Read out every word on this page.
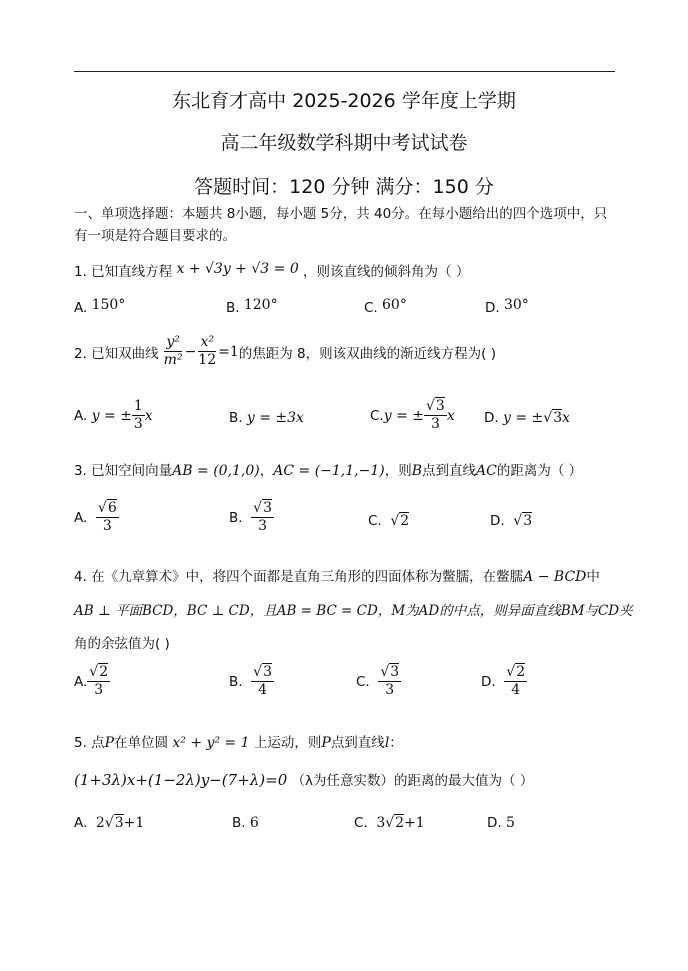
东北育才高中 2025-2026 学年度上学期
高二年级数学科期中考试试卷
答题时间：120 分钟 满分：150 分
一、单项选择题：本题共 8小题，每小题 5分，共 40分。在每小题给出的四个选项中，只有一项是符合题目要求的。
1. 已知直线方程 x + √3y + √3 = 0 ，则该直线的倾斜角为（ ）
A. 150°	B. 120°	C. 60°	D. 30°
2. 已知双曲线 $\frac{\text{y²}}{\text{m²}} - \frac{\text{x²}}{12} =1$ 的焦距为 8，则该双曲线的渐近线方程为( )
A.
y = ± $\frac{1}{3}$ x	B. y = ±3x	C. y = ± $\frac{√3}{3}$ x D. y = ±√3x
3. 已知空间向量AB = (0,1,0)，AC = (−1,1,−1)，则B点到直线AC的距离为（ ）
A.
$\frac{√6}{3}$	B.
$\frac{√3}{3}$	C. √2	D. √3
4. 在《九章算术》中，将四个面都是直角三角形的四面体称为鳖臑，在鳖臑A − BCD中
AB ⊥ 平面BCD，BC ⊥ CD，且AB = BC = CD，M为AD的中点，则异面直线BM与CD夹
角的余弦值为( )
A. $\frac{√2}{3}$	B.
$\frac{√3}{4}$	C.
$\frac{√3}{3}$	D.
$\frac{√2}{4}$
5. 点P在单位圆 x² + y² = 1 上运动，则P点到直线l：
(1+3λ)x+(1−2λ)y−(7+λ)=0 （λ为任意实数）的距离的最大值为（ ）
A. 2√3+1	B. 6	C. 3√2+1	D. 5
